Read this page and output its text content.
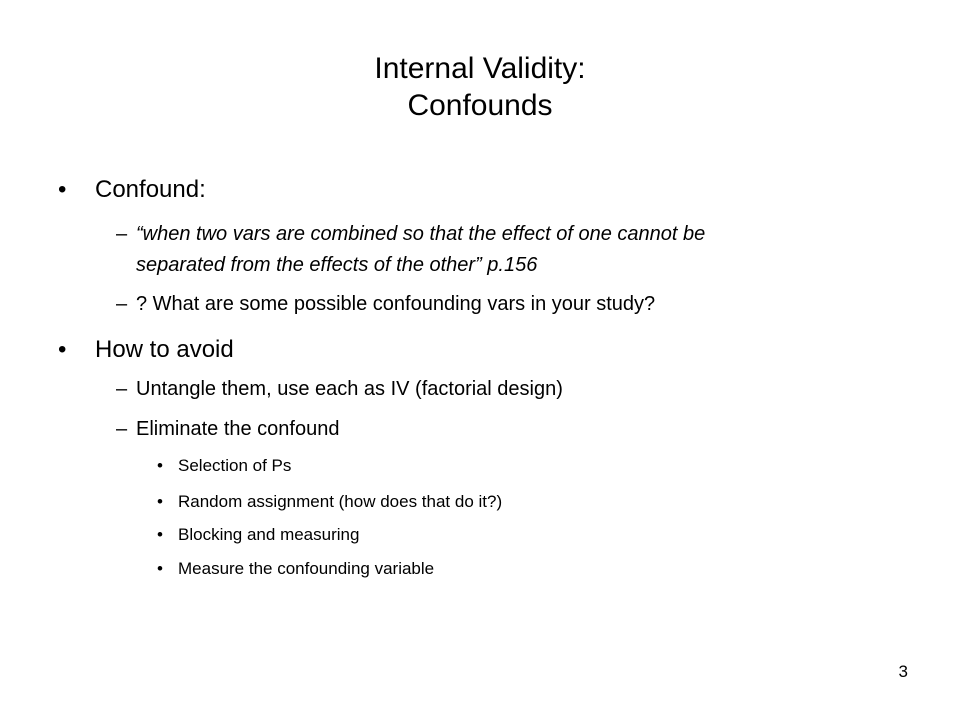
Internal Validity:
Confounds
• Confound:
– “when two vars are combined so that the effect of one cannot be
separated from the effects of the other” p.156
– ? What are some possible confounding vars in your study?
• How to avoid
– Untangle them, use each as IV (factorial design)
– Eliminate the confound
• Selection of Ps
• Random assignment (how does that do it?)
• Blocking and measuring
• Measure the confounding variable
3
